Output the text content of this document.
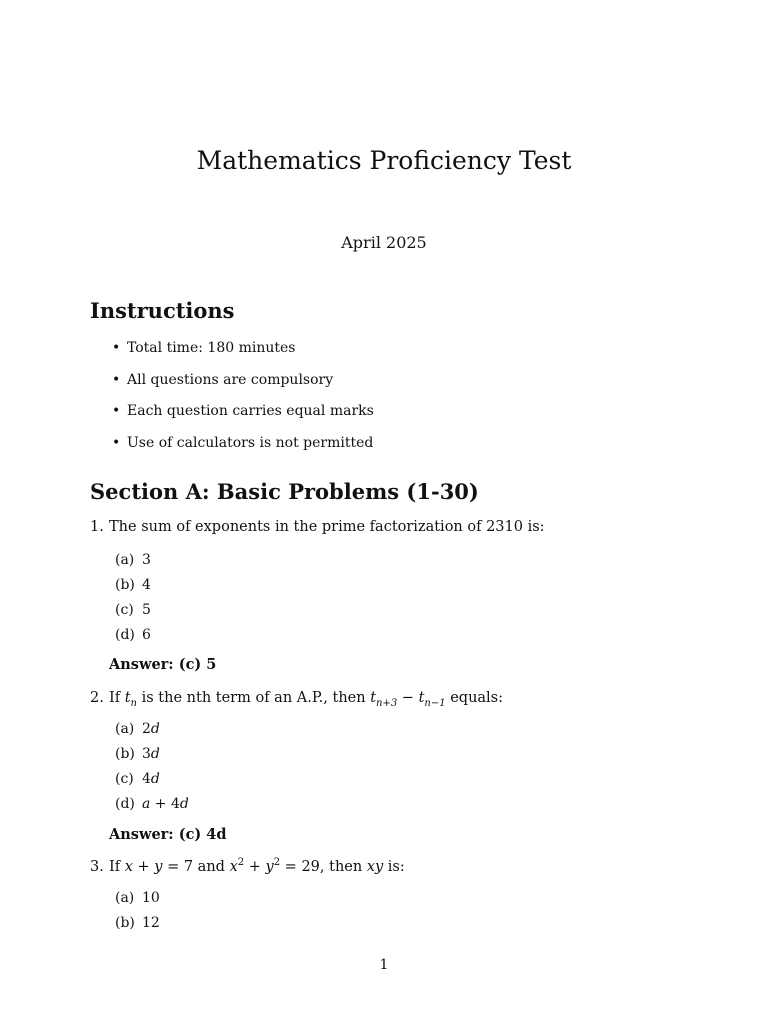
Mathematics Proficiency Test
April 2025
Instructions
• Total time: 180 minutes
• All questions are compulsory
• Each question carries equal marks
• Use of calculators is not permitted
Section A: Basic Problems (1-30)
1. The sum of exponents in the prime factorization of 2310 is:
(a) 3
(b) 4
(c) 5
(d) 6
Answer: (c) 5
2. If $t_n$ is the nth term of an A.P., then $t_{n+3} - t_{n-1}$ equals:
(a) 2d
(b) 3d
(c) 4d
(d) a + 4d
Answer: (c) 4d
3. If x + y = 7 and $x^2 + y^2 = 29$, then xy is:
(a) 10
(b) 12
1
